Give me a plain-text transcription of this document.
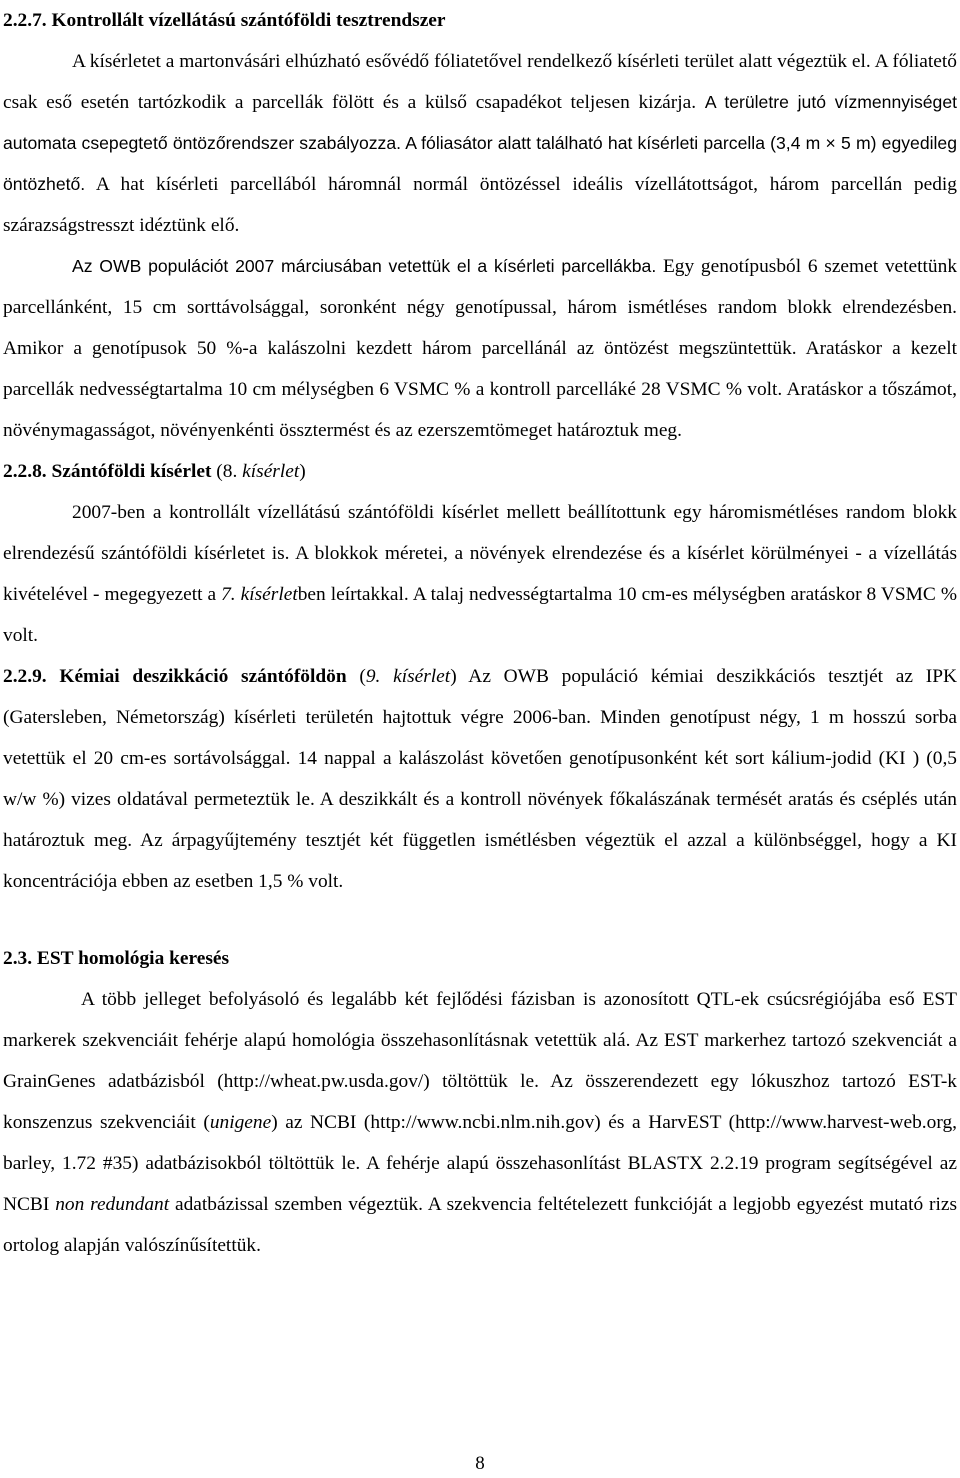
2.2.7. Kontrollált vízellátású szántóföldi tesztrendszer

A kísérletet a martonvásári elhúzható esővédő fóliatetővel rendelkező kísérleti terület alatt végeztük el. A fóliatető csak eső esetén tartózkodik a parcellák fölött és a külső csapadékot teljesen kizárja. A területre jutó vízmennyiséget automata csepegtető öntözőrendszer szabályozza. A fóliasátor alatt található hat kísérleti parcella (3,4 m × 5 m) egyedileg öntözhető. A hat kísérleti parcellából háromnál normál öntözéssel ideális vízellátottságot, három parcellán pedig szárazságstresszt idéztünk elő.

Az OWB populációt 2007 márciusában vetettük el a kísérleti parcellákba. Egy genotípusból 6 szemet vetettünk parcellánként, 15 cm sorttávolsággal, soronként négy genotípussal, három ismétléses random blokk elrendezésben. Amikor a genotípusok 50 %-a kalászolni kezdett három parcellánál az öntözést megszüntettük. Aratáskor a kezelt parcellák nedvességtartalma 10 cm mélységben 6 VSMC % a kontroll parcelláké 28 VSMC % volt. Aratáskor a tőszámot, növénymagasságot, növényenkénti össztermést és az ezerszemtömeget határoztuk meg.

2.2.8. Szántóföldi kísérlet (8. kísérlet)

2007-ben a kontrollált vízellátású szántóföldi kísérlet mellett beállítottunk egy háromismétléses random blokk elrendezésű szántóföldi kísérletet is. A blokkok méretei, a növények elrendezése és a kísérlet körülményei - a vízellátás kivételével - megegyezett a 7. kísérletben leírtakkal. A talaj nedvességtartalma 10 cm-es mélységben aratáskor 8 VSMC % volt.

2.2.9. Kémiai deszikkáció szántóföldön (9. kísérlet) Az OWB populáció kémiai deszikkációs tesztjét az IPK (Gatersleben, Németország) kísérleti területén hajtottuk végre 2006-ban. Minden genotípust négy, 1 m hosszú sorba vetettük el 20 cm-es sortávolsággal. 14 nappal a kalászolást követően genotípusonként két sort kálium-jodid (KI ) (0,5 w/w %) vizes oldatával permeteztük le. A deszikkált és a kontroll növények főkalászának termését aratás és cséplés után határoztuk meg. Az árpagyűjtemény tesztjét két független ismétlésben végeztük el azzal a különbséggel, hogy a KI koncentrációja ebben az esetben 1,5 % volt.

2.3. EST homológia keresés

A több jelleget befolyásoló és legalább két fejlődési fázisban is azonosított QTL-ek csúcsrégiójába eső EST markerek szekvenciáit fehérje alapú homológia összehasonlításnak vetettük alá. Az EST markerhez tartozó szekvenciát a GrainGenes adatbázisból (http://wheat.pw.usda.gov/) töltöttük le. Az összerendezett egy lókuszhoz tartozó EST-k konszenzus szekvenciáit (unigene) az NCBI (http://www.ncbi.nlm.nih.gov) és a HarvEST (http://www.harvest-web.org, barley, 1.72 #35) adatbázisokból töltöttük le. A fehérje alapú összehasonlítást BLASTX 2.2.19 program segítségével az NCBI non redundant adatbázissal szemben végeztük. A szekvencia feltételezett funkcióját a legjobb egyezést mutató rizs ortolog alapján valószínűsítettük.

8
